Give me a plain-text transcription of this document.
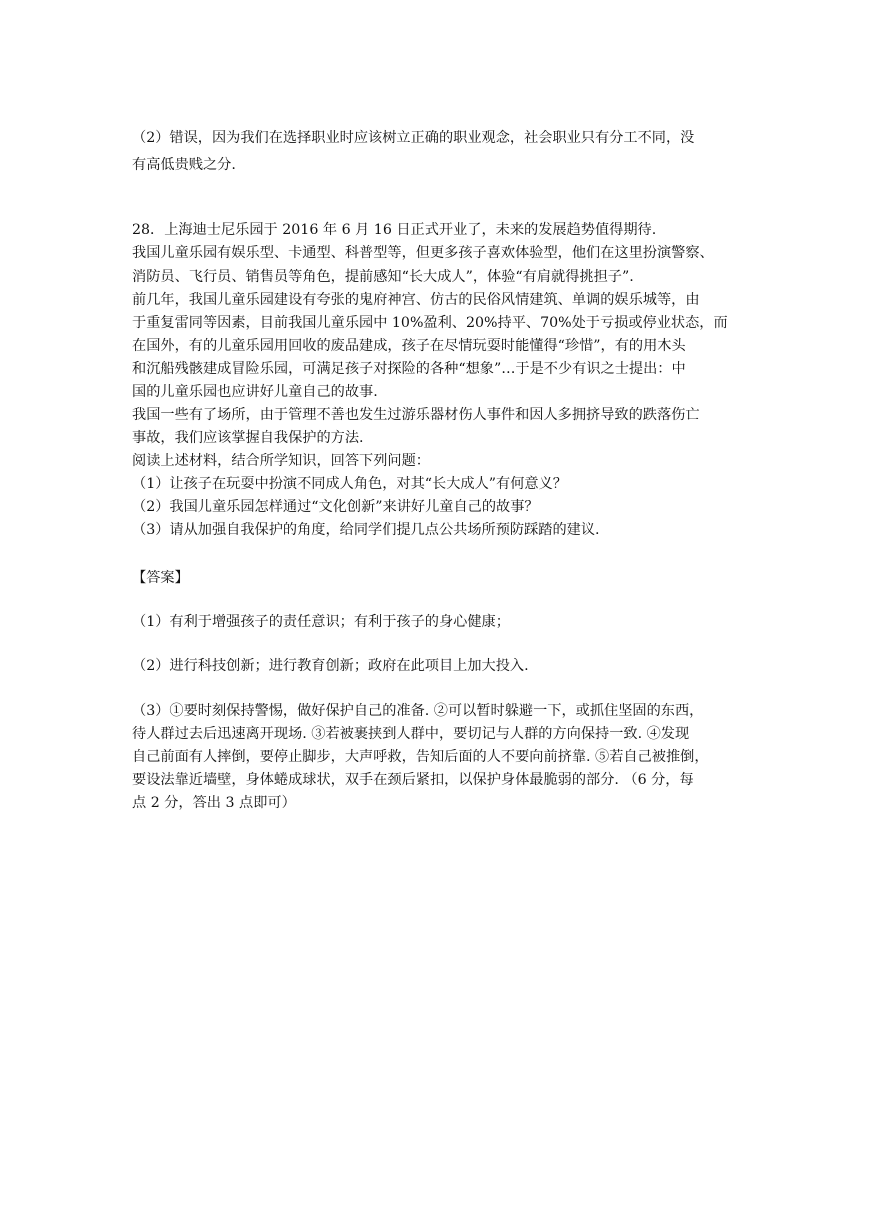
（2）错误，因为我们在选择职业时应该树立正确的职业观念，社会职业只有分工不同，没

有高低贵贱之分.

28．上海迪士尼乐园于 2016 年 6 月 16 日正式开业了，未来的发展趋势值得期待.

我国儿童乐园有娱乐型、卡通型、科普型等，但更多孩子喜欢体验型，他们在这里扮演警察、

消防员、飞行员、销售员等角色，提前感知“长大成人”，体验“有肩就得挑担子”.

前几年，我国儿童乐园建设有夸张的鬼府神宫、仿古的民俗风情建筑、单调的娱乐城等，由

于重复雷同等因素，目前我国儿童乐园中 10%盈利、20%持平、70%处于亏损或停业状态，而

在国外，有的儿童乐园用回收的废品建成，孩子在尽情玩耍时能懂得“珍惜”，有的用木头

和沉船残骸建成冒险乐园，可满足孩子对探险的各种“想象”…于是不少有识之士提出：中

国的儿童乐园也应讲好儿童自己的故事.

我国一些有了场所，由于管理不善也发生过游乐器材伤人事件和因人多拥挤导致的跌落伤亡

事故，我们应该掌握自我保护的方法.

阅读上述材料，结合所学知识，回答下列问题：

（1）让孩子在玩耍中扮演不同成人角色，对其“长大成人”有何意义？

（2）我国儿童乐园怎样通过“文化创新”来讲好儿童自己的故事？

（3）请从加强自我保护的角度，给同学们提几点公共场所预防踩踏的建议.

【答案】

（1）有利于增强孩子的责任意识；有利于孩子的身心健康；

（2）进行科技创新；进行教育创新；政府在此项目上加大投入.

（3）①要时刻保持警惕，做好保护自己的准备. ②可以暂时躲避一下，或抓住坚固的东西，

待人群过去后迅速离开现场. ③若被裹挟到人群中，要切记与人群的方向保持一致. ④发现

自己前面有人摔倒，要停止脚步，大声呼救，告知后面的人不要向前挤靠. ⑤若自己被推倒，

要设法靠近墙壁，身体蜷成球状，双手在颈后紧扣，以保护身体最脆弱的部分. （6 分，每

点 2 分，答出 3 点即可）
